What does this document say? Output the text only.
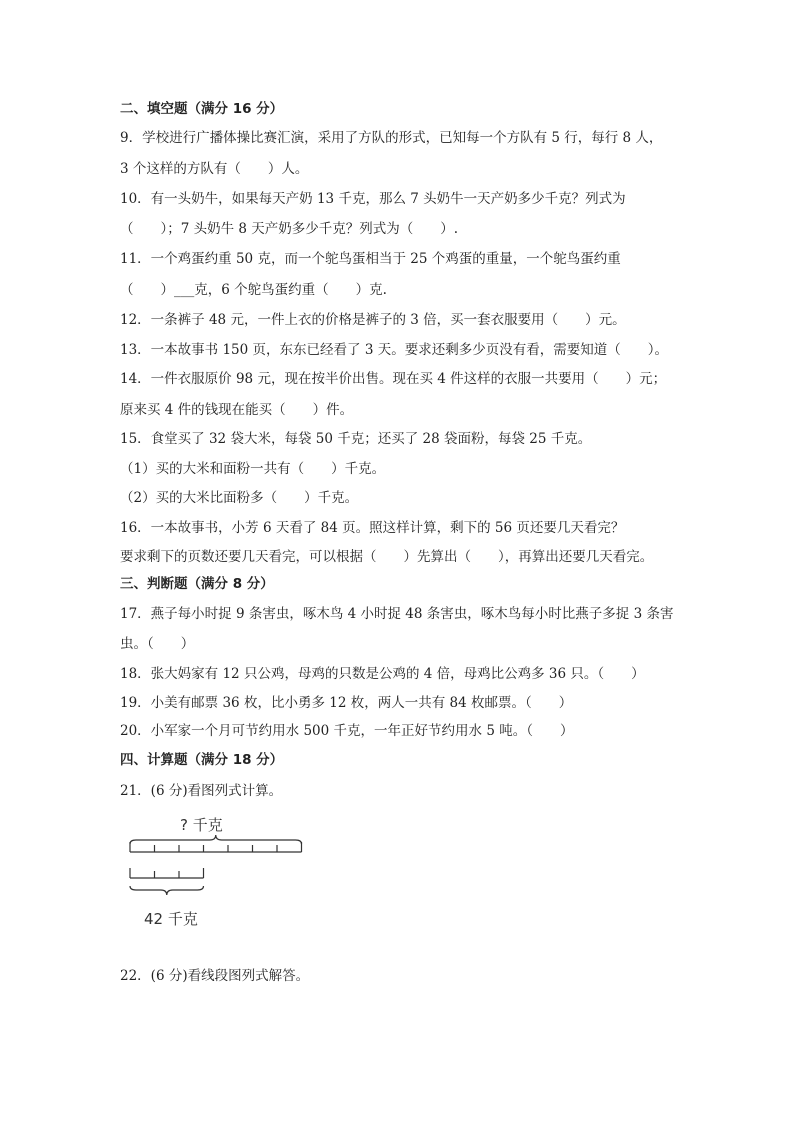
二、填空题（满分 16 分）
9．学校进行广播体操比赛汇演，采用了方队的形式，已知每一个方队有 5 行，每行 8 人，
3 个这样的方队有（　　）人。
10．有一头奶牛，如果每天产奶 13 千克，那么 7 头奶牛一天产奶多少千克？列式为
（　　）；7 头奶牛 8 天产奶多少千克？列式为（　　）.
11．一个鸡蛋约重 50 克，而一个鸵鸟蛋相当于 25 个鸡蛋的重量，一个鸵鸟蛋约重
（　　）___克，6 个鸵鸟蛋约重（　　）克.
12．一条裤子 48 元，一件上衣的价格是裤子的 3 倍，买一套衣服要用（　　）元。
13．一本故事书 150 页，东东已经看了 3 天。要求还剩多少页没有看，需要知道（　　）。
14．一件衣服原价 98 元，现在按半价出售。现在买 4 件这样的衣服一共要用（　　）元；
原来买 4 件的钱现在能买（　　）件。
15．食堂买了 32 袋大米，每袋 50 千克；还买了 28 袋面粉，每袋 25 千克。
（1）买的大米和面粉一共有（　　）千克。
（2）买的大米比面粉多（　　）千克。
16．一本故事书，小芳 6 天看了 84 页。照这样计算，剩下的 56 页还要几天看完？
要求剩下的页数还要几天看完，可以根据（　　）先算出（　　），再算出还要几天看完。
三、判断题（满分 8 分）
17．燕子每小时捉 9 条害虫，啄木鸟 4 小时捉 48 条害虫，啄木鸟每小时比燕子多捉 3 条害
虫。（　　）
18．张大妈家有 12 只公鸡，母鸡的只数是公鸡的 4 倍，母鸡比公鸡多 36 只。（　　）
19．小美有邮票 36 枚，比小勇多 12 枚，两人一共有 84 枚邮票。（　　）
20．小军家一个月可节约用水 500 千克，一年正好节约用水 5 吨。（　　）
四、计算题（满分 18 分）
21．(6 分)看图列式计算。
? 千克
42 千克
22．(6 分)看线段图列式解答。
